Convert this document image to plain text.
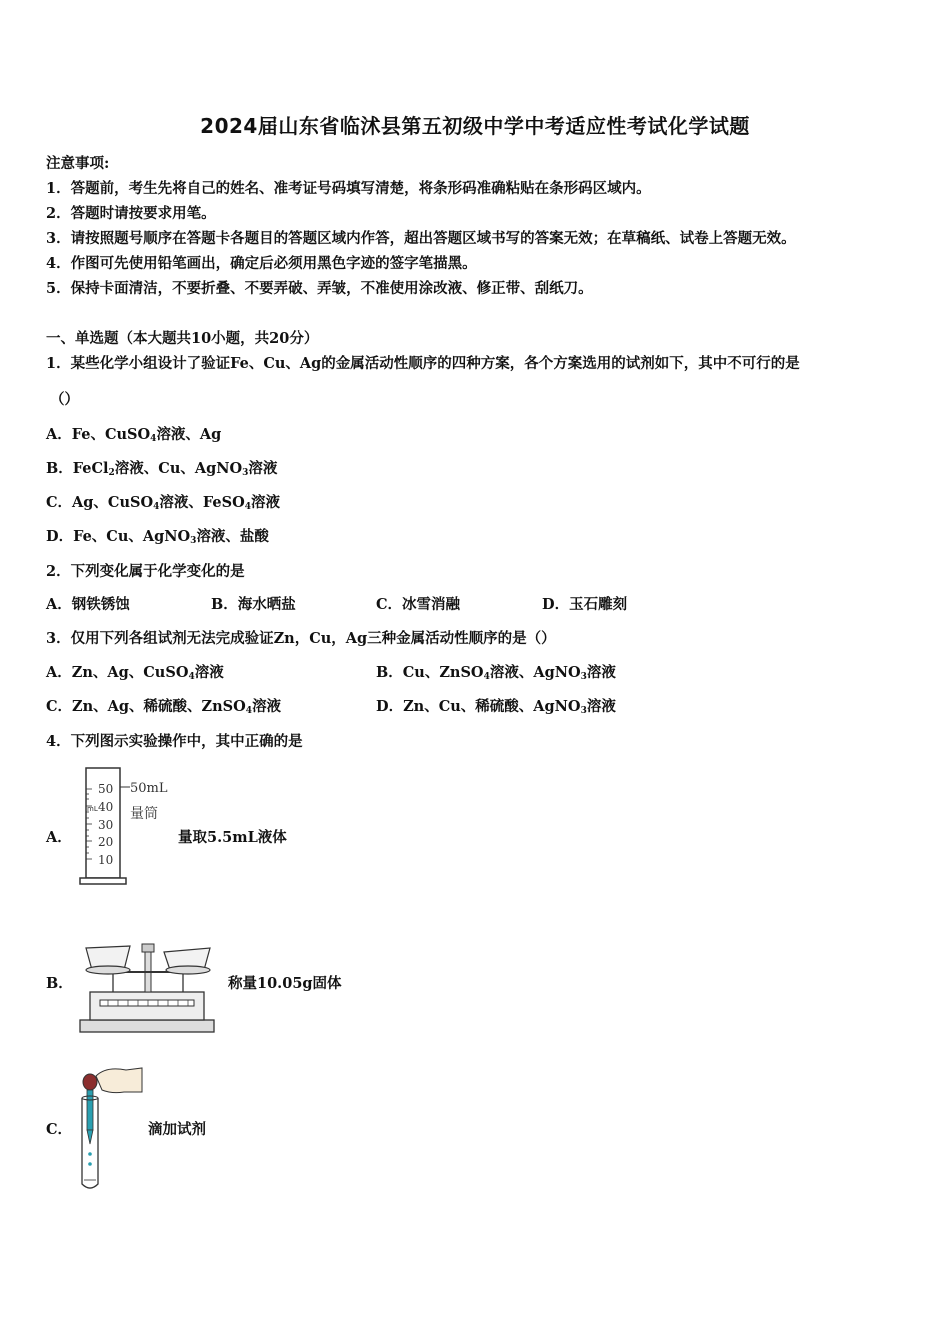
2024届山东省临沭县第五初级中学中考适应性考试化学试题
注意事项:
1．答题前，考生先将自己的姓名、准考证号码填写清楚，将条形码准确粘贴在条形码区域内。
2．答题时请按要求用笔。
3．请按照题号顺序在答题卡各题目的答题区域内作答，超出答题区域书写的答案无效；在草稿纸、试卷上答题无效。
4．作图可先使用铅笔画出，确定后必须用黑色字迹的签字笔描黑。
5．保持卡面清洁，不要折叠、不要弄破、弄皱，不准使用涂改液、修正带、刮纸刀。
一、单选题（本大题共10小题，共20分）
1．某些化学小组设计了验证Fe、Cu、Ag的金属活动性顺序的四种方案，各个方案选用的试剂如下，其中不可行的是
（）
A．Fe、CuSO$_4$溶液、Ag
B．FeCl$_2$溶液、Cu、AgNO$_3$溶液
C．Ag、CuSO$_4$溶液、FeSO$_4$溶液
D．Fe、Cu、AgNO$_3$溶液、盐酸
2．下列变化属于化学变化的是
A．钢铁锈蚀	B．海水晒盐	C．冰雪消融	D．玉石雕刻
3．仅用下列各组试剂无法完成验证Zn，Cu，Ag三种金属活动性顺序的是（）
A．Zn、Ag、CuSO$_4$溶液	B．Cu、ZnSO$_4$溶液、AgNO$_3$溶液
C．Zn、Ag、稀硫酸、ZnSO$_4$溶液	D．Zn、Cu、稀硫酸、AgNO$_3$溶液
4．下列图示实验操作中，其中正确的是
A．
50
40
30
20
10
mL
50mL
量筒
量取5.5mL液体
B．	称量10.05g固体
C．	滴加试剂
